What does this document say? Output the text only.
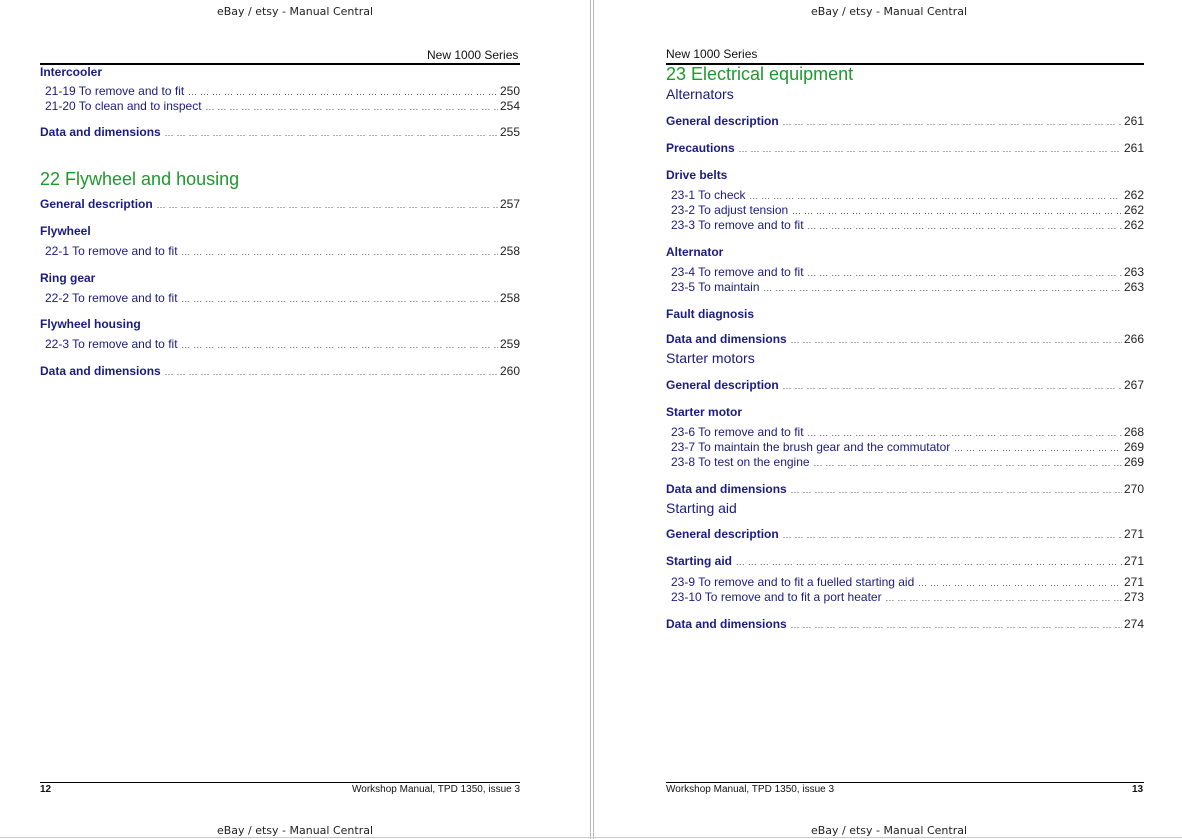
eBay / etsy - Manual Central
New 1000 Series
Intercooler
21-19 To remove and to fit ... .	250
21-20 To clean and to inspect ... .	254
Data and dimensions ... .	255
22 Flywheel and housing
General description ... .	257
Flywheel
22-1 To remove and to fit ... .	258
Ring gear
22-2 To remove and to fit ... .	258
Flywheel housing
22-3 To remove and to fit ... .	259
Data and dimensions ... .	260
12	Workshop Manual, TPD 1350, issue 3
eBay / etsy - Manual Central
eBay / etsy - Manual Central
New 1000 Series
23 Electrical equipment
Alternators
General description ... .	261
Precautions ... .	261
Drive belts
23-1 To check ... .	262
23-2 To adjust tension ... .	262
23-3 To remove and to fit ... .	262
Alternator
23-4 To remove and to fit ... .	263
23-5 To maintain ... .	263
Fault diagnosis
Data and dimensions ... .	266
Starter motors
General description ... .	267
Starter motor
23-6 To remove and to fit ... .	268
23-7 To maintain the brush gear and the commutator ... .	269
23-8 To test on the engine ... .	269
Data and dimensions ... .	270
Starting aid
General description ... .	271
Starting aid ... .	271
23-9 To remove and to fit a fuelled starting aid ... .	271
23-10 To remove and to fit a port heater ... .	273
Data and dimensions ... .	274
Workshop Manual, TPD 1350, issue 3	13
eBay / etsy - Manual Central
